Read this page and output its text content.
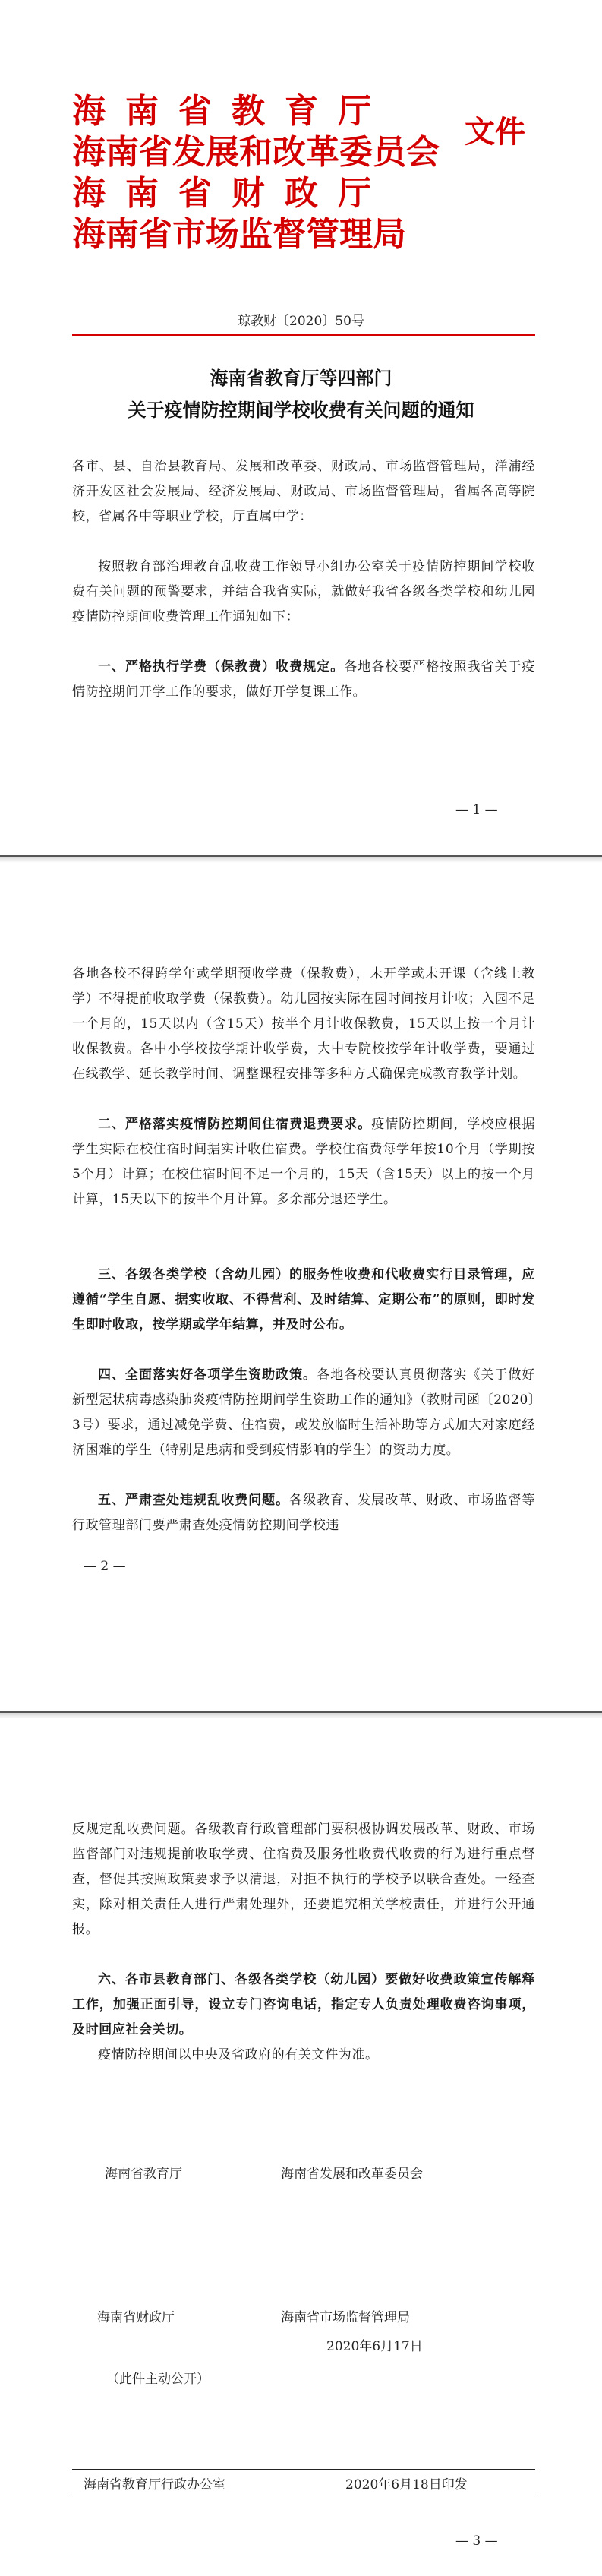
海南省教育厅
海南省发展和改革委员会
海南省财政厅
海南省市场监督管理局
文件
琼教财〔2020〕50号
海南省教育厅等四部门
关于疫情防控期间学校收费有关问题的通知

各市、县、自治县教育局、发展和改革委、财政局、市场监督管理局，洋浦经济开发区社会发展局、经济发展局、财政局、市场监督管理局，省属各高等院校，省属各中等职业学校，厅直属中学：

按照教育部治理教育乱收费工作领导小组办公室关于疫情防控期间学校收费有关问题的预警要求，并结合我省实际，就做好我省各级各类学校和幼儿园疫情防控期间收费管理工作通知如下：

一、严格执行学费（保教费）收费规定。各地各校要严格按照我省关于疫情防控期间开学工作的要求，做好开学复课工作。

— 1 —

各地各校不得跨学年或学期预收学费（保教费），未开学或未开课（含线上教学）不得提前收取学费（保教费）。幼儿园按实际在园时间按月计收；入园不足一个月的，15天以内（含15天）按半个月计收保教费，15天以上按一个月计收保教费。各中小学校按学期计收学费，大中专院校按学年计收学费，要通过在线教学、延长教学时间、调整课程安排等多种方式确保完成教育教学计划。

二、严格落实疫情防控期间住宿费退费要求。疫情防控期间，学校应根据学生实际在校住宿时间据实计收住宿费。学校住宿费每学年按10个月（学期按5个月）计算；在校住宿时间不足一个月的，15天（含15天）以上的按一个月计算，15天以下的按半个月计算。多余部分退还学生。

三、各级各类学校（含幼儿园）的服务性收费和代收费实行目录管理，应遵循“学生自愿、据实收取、不得营利、及时结算、定期公布”的原则，即时发生即时收取，按学期或学年结算，并及时公布。

四、全面落实好各项学生资助政策。各地各校要认真贯彻落实《关于做好新型冠状病毒感染肺炎疫情防控期间学生资助工作的通知》（教财司函〔2020〕3号）要求，通过减免学费、住宿费，或发放临时生活补助等方式加大对家庭经济困难的学生（特别是患病和受到疫情影响的学生）的资助力度。

五、严肃查处违规乱收费问题。各级教育、发展改革、财政、市场监督等行政管理部门要严肃查处疫情防控期间学校违

— 2 —

反规定乱收费问题。各级教育行政管理部门要积极协调发展改革、财政、市场监督部门对违规提前收取学费、住宿费及服务性收费代收费的行为进行重点督查，督促其按照政策要求予以清退，对拒不执行的学校予以联合查处。一经查实，除对相关责任人进行严肃处理外，还要追究相关学校责任，并进行公开通报。

六、各市县教育部门、各级各类学校（幼儿园）要做好收费政策宣传解释工作，加强正面引导，设立专门咨询电话，指定专人负责处理收费咨询事项，及时回应社会关切。

疫情防控期间以中央及省政府的有关文件为准。

海南省教育厅	海南省发展和改革委员会
海南省财政厅	海南省市场监督管理局
2020年6月17日
（此件主动公开）
海南省教育厅行政办公室	2020年6月18日印发
— 3 —
